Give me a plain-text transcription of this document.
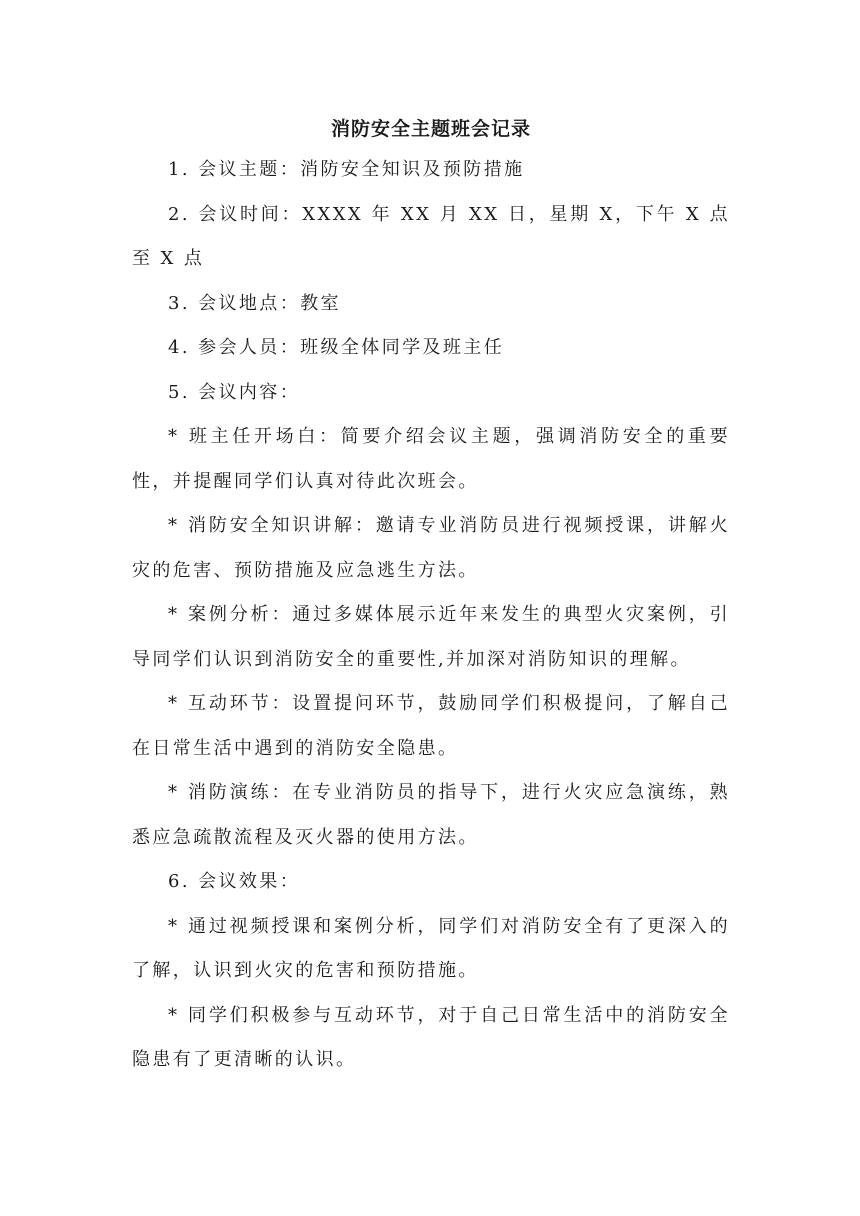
消防安全主题班会记录

1. 会议主题：消防安全知识及预防措施

2. 会议时间：XXXX 年 XX 月 XX 日，星期 X，下午 X 点至 X 点

3. 会议地点：教室

4. 参会人员：班级全体同学及班主任

5. 会议内容：

* 班主任开场白：简要介绍会议主题，强调消防安全的重要性，并提醒同学们认真对待此次班会。

* 消防安全知识讲解：邀请专业消防员进行视频授课，讲解火灾的危害、预防措施及应急逃生方法。

* 案例分析：通过多媒体展示近年来发生的典型火灾案例，引导同学们认识到消防安全的重要性,并加深对消防知识的理解。

* 互动环节：设置提问环节，鼓励同学们积极提问，了解自己在日常生活中遇到的消防安全隐患。

* 消防演练：在专业消防员的指导下，进行火灾应急演练，熟悉应急疏散流程及灭火器的使用方法。

6. 会议效果：

* 通过视频授课和案例分析，同学们对消防安全有了更深入的了解，认识到火灾的危害和预防措施。

* 同学们积极参与互动环节，对于自己日常生活中的消防安全隐患有了更清晰的认识。
